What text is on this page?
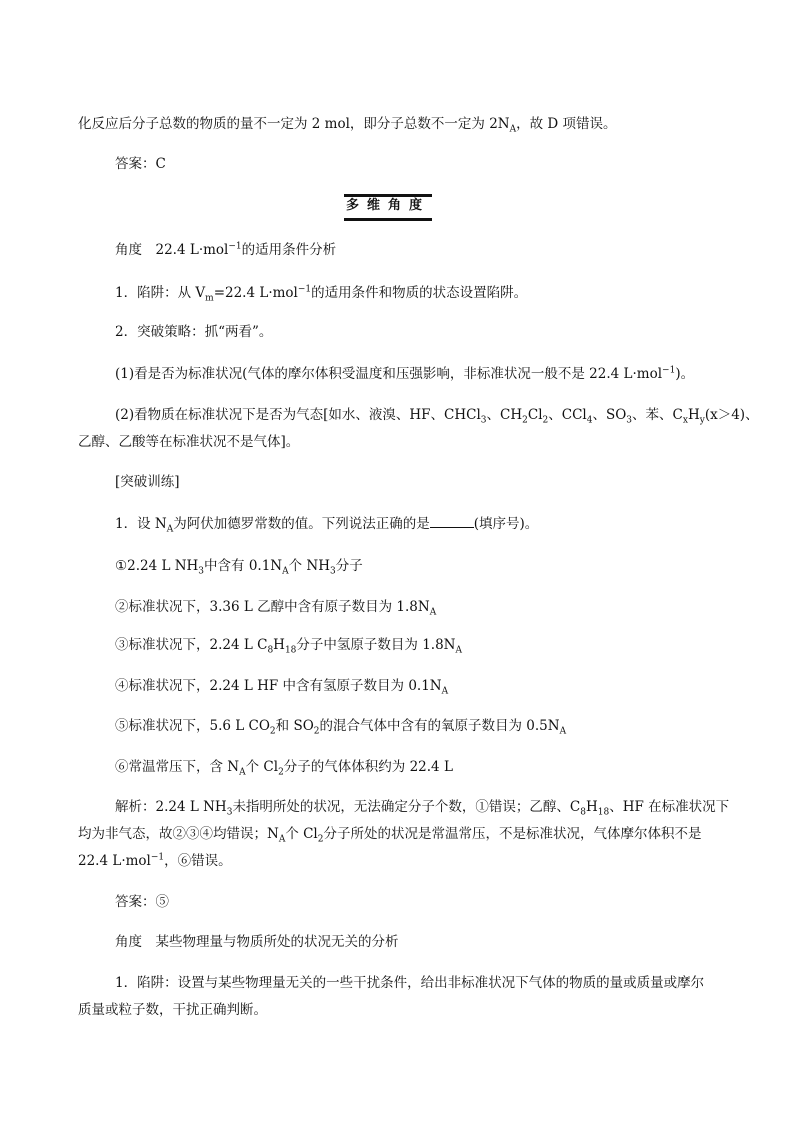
化反应后分子总数的物质的量不一定为 2 mol，即分子总数不一定为 $2N_A$，故 D 项错误。
答案：C
多维角度
角度　22.4 L·mol$^{-1}$的适用条件分析
1．陷阱：从 $V_m=22.4$ L·mol$^{-1}$的适用条件和物质的状态设置陷阱。
2．突破策略：抓“两看”。
(1)看是否为标准状况(气体的摩尔体积受温度和压强影响，非标准状况一般不是 22.4 L·mol$^{-1}$)。
(2)看物质在标准状况下是否为气态[如水、液溴、HF、CHCl$_3$、$CH_2Cl_2$、CCl$_4$、$SO_3$、苯、$C_xH_y(x>4)$、
乙醇、乙酸等在标准状况不是气体]。
[突破训练]
1．设 $N_A$为阿伏加德罗常数的值。下列说法正确的是	(填序号)。
①2.24 L $NH_3$中含有 $0.1N_A$个 $NH_3$分子
②标准状况下，3.36 L 乙醇中含有原子数目为 $1.8N_A$
③标准状况下，2.24 L $C_8H_{18}$分子中氢原子数目为 $1.8N_A$
④标准状况下，2.24 L HF 中含有氢原子数目为 $0.1N_A$
⑤标准状况下，5.6 L $CO_2$和 $SO_2$的混合气体中含有的氧原子数目为 $0.5N_A$
⑥常温常压下，含 $N_A$个 $Cl_2$分子的气体体积约为 22.4 L
解析：2.24 L $NH_3$未指明所处的状况，无法确定分子个数，①错误；乙醇、$C_8H_{18}$、HF 在标准状况下
均为非气态，故②③④均错误；$N_A$个 $Cl_2$分子所处的状况是常温常压，不是标准状况，气体摩尔体积不是
22.4 L·mol$^{-1}$，⑥错误。
答案：⑤
角度　某些物理量与物质所处的状况无关的分析
1．陷阱：设置与某些物理量无关的一些干扰条件，给出非标准状况下气体的物质的量或质量或摩尔
质量或粒子数，干扰正确判断。
